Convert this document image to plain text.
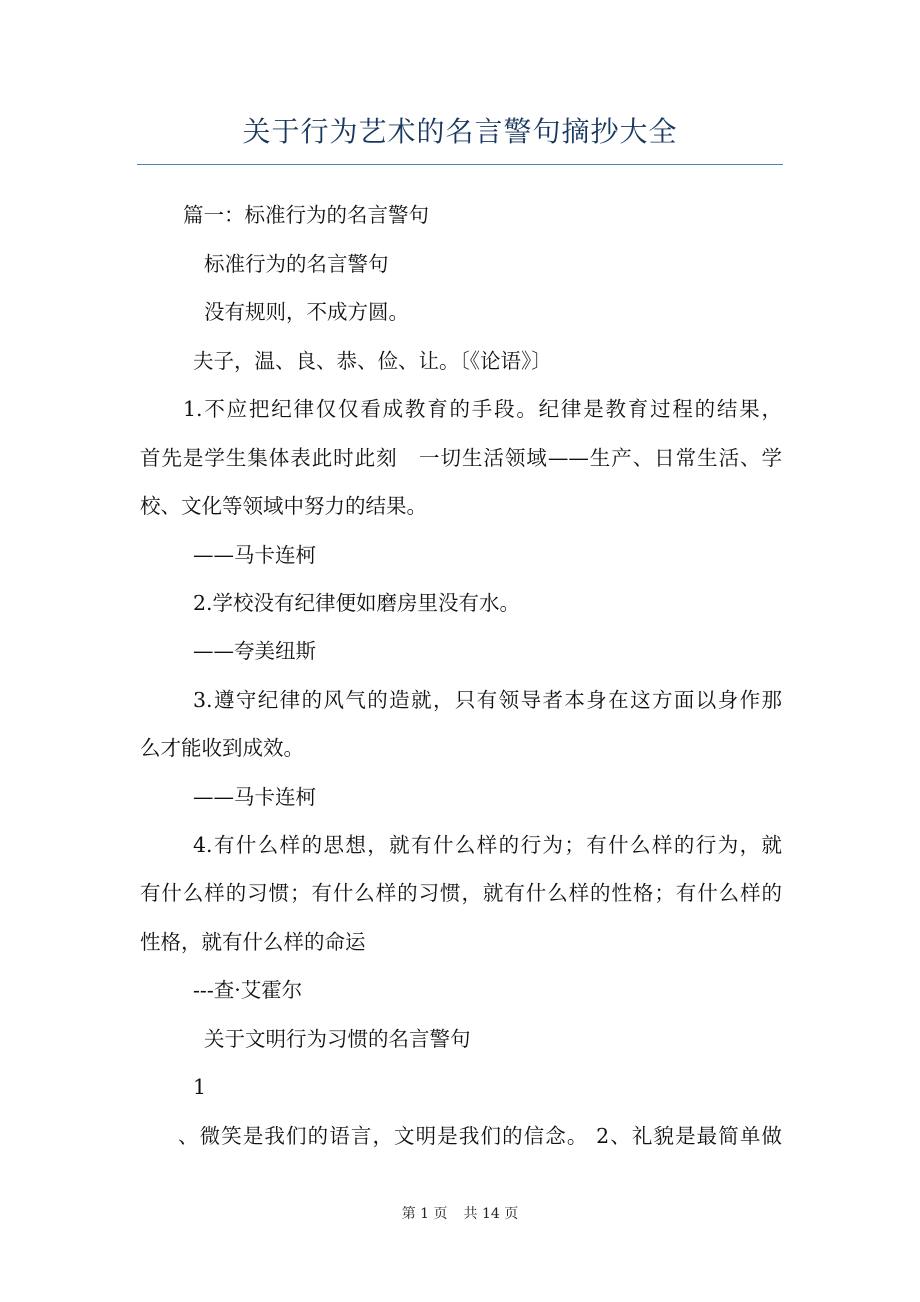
关于行为艺术的名言警句摘抄大全

篇一：标准行为的名言警句

标准行为的名言警句

没有规则，不成方圆。

夫子，温、良、恭、俭、让。〔《论语》〕

1.不应把纪律仅仅看成教育的手段。纪律是教育过程的结果，

首先是学生集体表此时此刻　一切生活领域——生产、日常生活、学

校、文化等领域中努力的结果。

——马卡连柯

2.学校没有纪律便如磨房里没有水。

——夸美纽斯

3.遵守纪律的风气的造就，只有领导者本身在这方面以身作那

么才能收到成效。

——马卡连柯

4.有什么样的思想，就有什么样的行为；有什么样的行为，就

有什么样的习惯；有什么样的习惯，就有什么样的性格；有什么样的

性格，就有什么样的命运

---查·艾霍尔

关于文明行为习惯的名言警句

1

、微笑是我们的语言，文明是我们的信念。 2、礼貌是最简单做

第 1 页 共 14 页
